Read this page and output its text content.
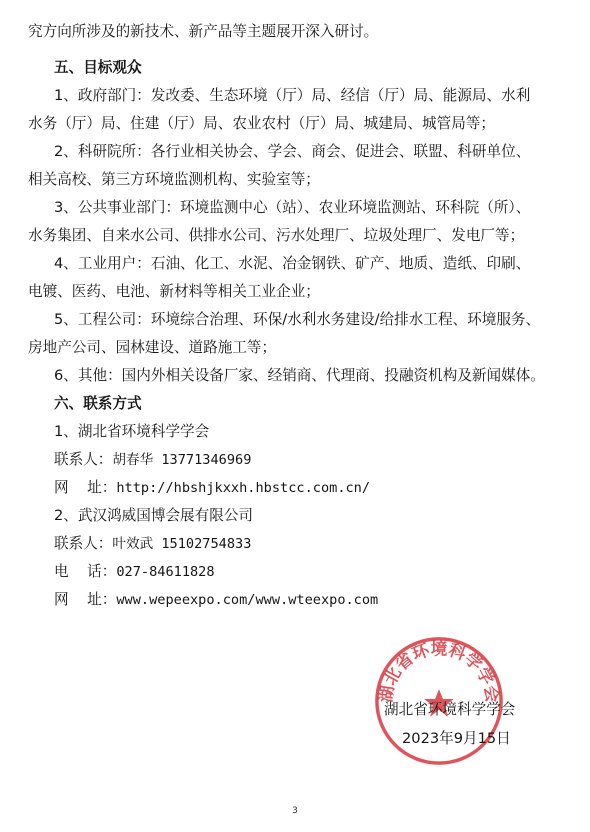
究方向所涉及的新技术、新产品等主题展开深入研讨。
五、目标观众
1、政府部门：发改委、生态环境（厅）局、经信（厅）局、能源局、水利
水务（厅）局、住建（厅）局、农业农村（厅）局、城建局、城管局等；
2、科研院所：各行业相关协会、学会、商会、促进会、联盟、科研单位、
相关高校、第三方环境监测机构、实验室等；
3、公共事业部门：环境监测中心（站）、农业环境监测站、环科院（所）、
水务集团、自来水公司、供排水公司、污水处理厂、垃圾处理厂、发电厂等；
4、工业用户：石油、化工、水泥、冶金钢铁、矿产、地质、造纸、印刷、
电镀、医药、电池、新材料等相关工业企业；
5、工程公司：环境综合治理、环保/水利水务建设/给排水工程、环境服务、
房地产公司、园林建设、道路施工等；
6、其他：国内外相关设备厂家、经销商、代理商、投融资机构及新闻媒体。
六、联系方式
1、湖北省环境科学学会
联系人：胡春华 13771346969
网    址：http://hbshjkxxh.hbstcc.com.cn/
2、武汉鸿威国博会展有限公司
联系人：叶效武 15102754833
电    话：027-84611828
网    址：www.wepeexpo.com/www.wteexpo.com
湖北省环境科学学会
湖北省环境科学学会
2023年9月15日
3
